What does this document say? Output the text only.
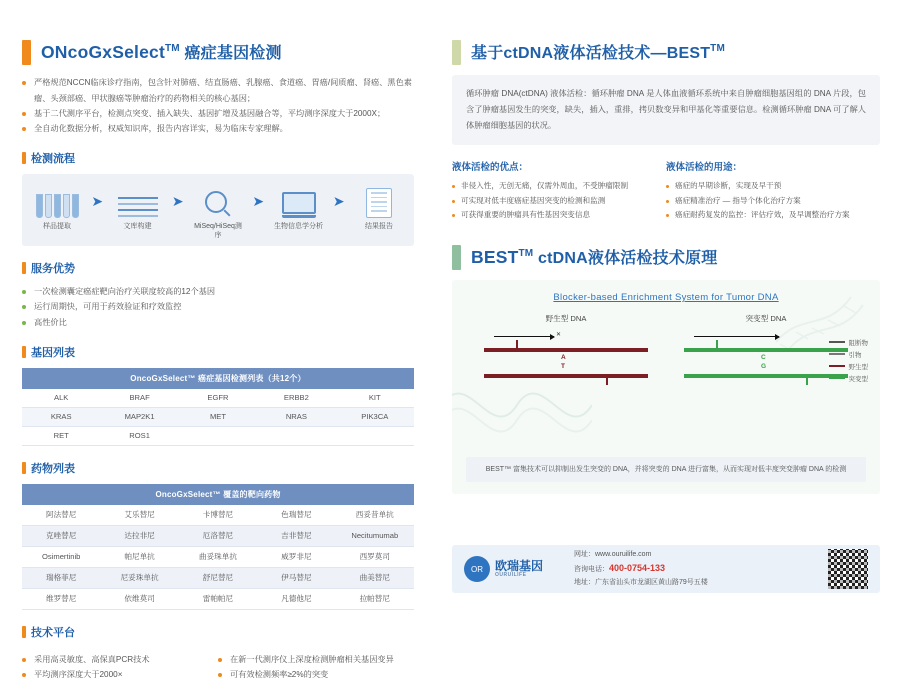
ONcoGxSelect™ 癌症基因检测
严格规范NCCN临床诊疗指南，包含针对肺癌、结直肠癌、乳腺癌、食道癌、胃癌/间质瘤、肾癌、黑色素瘤、头颈部癌、甲状腺癌等肿瘤治疗的药物相关的核心基因；
基于二代测序平台，检测点突变、插入缺失、基因扩增及基因融合等，平均测序深度大于2000X；
全自动化数据分析，权威知识库，报告内容详实，易为临床专家理解。
检测流程
样品提取
➤
文库构建
➤
MiSeq/HiSeq测序
➤
生物信息学分析
➤
结果报告
服务优势
一次检测囊定癌症靶向治疗关联度较高的12个基因
运行周期快，可用于药效验证和疗效监控
高性价比
基因列表
OncoGxSelect™ 癌症基因检测列表（共12个）				
ALK	BRAF	EGFR	ERBB2	KIT
KRAS	MAP2K1	MET	NRAS	PIK3CA
RET	ROS1			
药物列表
OncoGxSelect™ 覆盖的靶向药物				
阿法替尼	艾乐替尼	卡博替尼	色瑞替尼	西妥昔单抗
克唑替尼	达拉非尼	厄洛替尼	吉非替尼	Necitumumab
Osimertinib	帕尼单抗	曲妥珠单抗	威罗非尼	西罗莫司
瑞格菲尼	尼妥珠单抗	舒尼替尼	伊马替尼	曲美替尼
维罗替尼	依维莫司	雷帕帕尼	凡德他尼	拉帕替尼
技术平台
采用高灵敏度、高保真PCR技术
平均测序深度大于2000×
在新一代测序仪上深度检测肿瘤相关基因变异
可有效检测频率≥2%的突变
基于ctDNA液体活检技术—BEST™
循环肿瘤 DNA(ctDNA) 液体活检：循环肿瘤 DNA 是人体血液循环系统中来自肿瘤细胞基因组的 DNA 片段，包含了肿瘤基因发生的突变，缺失，插入，重排，拷贝数变异和甲基化等重要信息。检测循环肿瘤 DNA 可了解人体肿瘤细胞基因的状况。
液体活检的优点：
非侵入性，无创无痛，仅需外周血，不受肿瘤限制
可实现对低丰度癌症基因突变的检测和监测
可获得重要的肿瘤具有性基因突变信息
液体活检的用途：
癌症的早期诊断，实现及早干预
癌症精准治疗 — 指导个体化治疗方案
癌症耐药复发的监控：评估疗效，及早调整治疗方案
BEST™ ctDNA液体活检技术原理
Blocker-based Enrichment System for Tumor DNA
野生型 DNA
✕
A
T
突变型 DNA
C
G
阻断物
引物
野生型
突变型
BEST™ 富集技术可以抑制出发生突变的 DNA，并将突变的 DNA 进行富集，从而实现对低丰度突变肿瘤 DNA 的检测
OR	欧瑞基因
OURUILIFE
网址：www.ouruilife.com
咨询电话：400-0754-133
地址：广东省汕头市龙湖区黄山路79号五楼
